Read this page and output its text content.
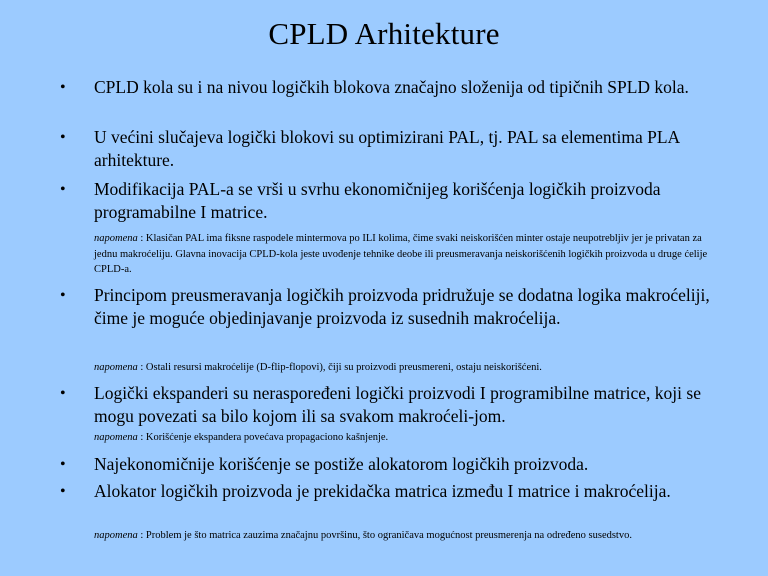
CPLD Arhitekture
• CPLD kola su i na nivou logičkih blokova značajno složenija od tipičnih SPLD kola.
• U većini slučajeva logički blokovi su optimizirani PAL, tj. PAL sa elementima PLA arhitekture.
• Modifikacija PAL-a se vrši u svrhu ekonomičnijeg korišćenja logičkih proizvoda programabilne I matrice.
napomena : Klasičan PAL ima fiksne raspodele mintermova po ILI kolima, čime svaki neiskorišćen minter ostaje neupotrebljiv jer je privatan za jednu makroćeliju. Glavna inovacija CPLD-kola jeste uvođenje tehnike deobe ili preusmeravanja neiskorišćenih logičkih proizvoda u druge ćelije CPLD-a.
• Principom preusmeravanja logičkih proizvoda pridružuje se dodatna logika makroćeliji, čime je moguće objedinjavanje proizvoda iz susednih makroćelija.
napomena : Ostali resursi makroćelije (D-flip-flopovi), čiji su proizvodi preusmereni, ostaju neiskorišćeni.
• Logički ekspanderi su neraspoređeni logički proizvodi I programibilne matrice, koji se mogu povezati sa bilo kojom ili sa svakom makroćeli-jom.
napomena : Korišćenje ekspandera povećava propagaciono kašnjenje.
• Najekonomičnije korišćenje se postiže alokatorom logičkih proizvoda.
• Alokator logičkih proizvoda je prekidačka matrica između I matrice i makroćelija.
napomena : Problem je što matrica zauzima značajnu površinu, što ograničava mogućnost preusmerenja na određeno susedstvo.
